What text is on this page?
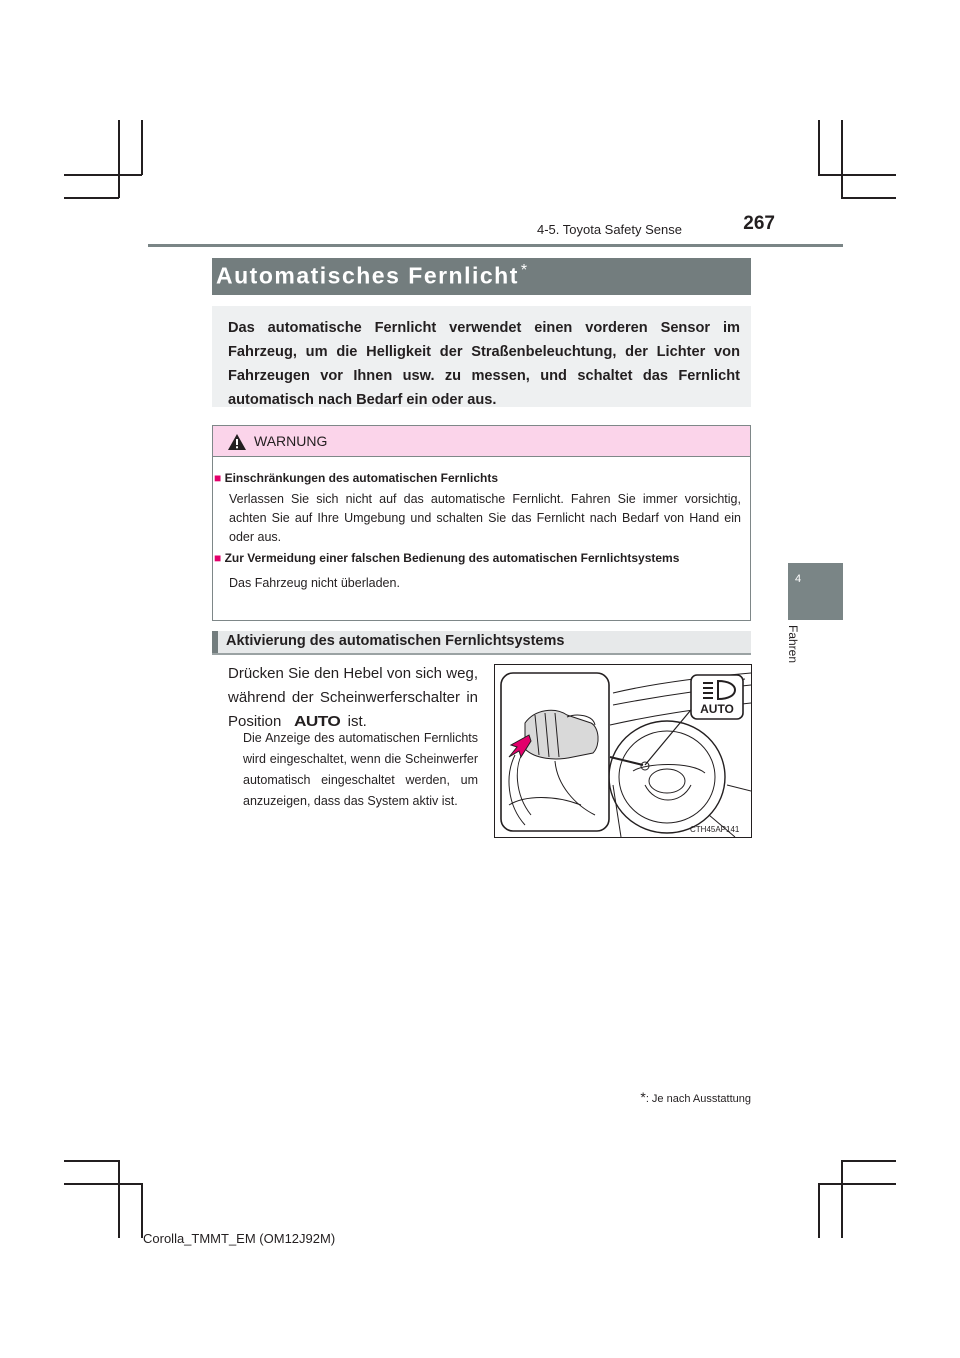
4-5. Toyota Safety Sense	267
4
Fahren
Automatisches Fernlicht *
Das automatische Fernlicht verwendet einen vorderen Sensor im Fahrzeug, um die Helligkeit der Straßenbeleuchtung, der Lichter von Fahrzeugen vor Ihnen usw. zu messen, und schaltet das Fernlicht automatisch nach Bedarf ein oder aus.
WARNUNG
■ Einschränkungen des automatischen Fernlichts
Verlassen Sie sich nicht auf das automatische Fernlicht. Fahren Sie immer vorsichtig, achten Sie auf Ihre Umgebung und schalten Sie das Fernlicht nach Bedarf von Hand ein oder aus.
■ Zur Vermeidung einer falschen Bedienung des automatischen Fernlichtsystems
Das Fahrzeug nicht überladen.
Aktivierung des automatischen Fernlichtsystems
Drücken Sie den Hebel von sich weg, während der Scheinwerferschalter in Position AUTO ist.
Die Anzeige des automatischen Fernlichts wird eingeschaltet, wenn die Scheinwerfer automatisch eingeschaltet werden, um anzuzeigen, dass das System aktiv ist.
AUTO
CTH45AP141
*: Je nach Ausstattung
Corolla_TMMT_EM (OM12J92M)
